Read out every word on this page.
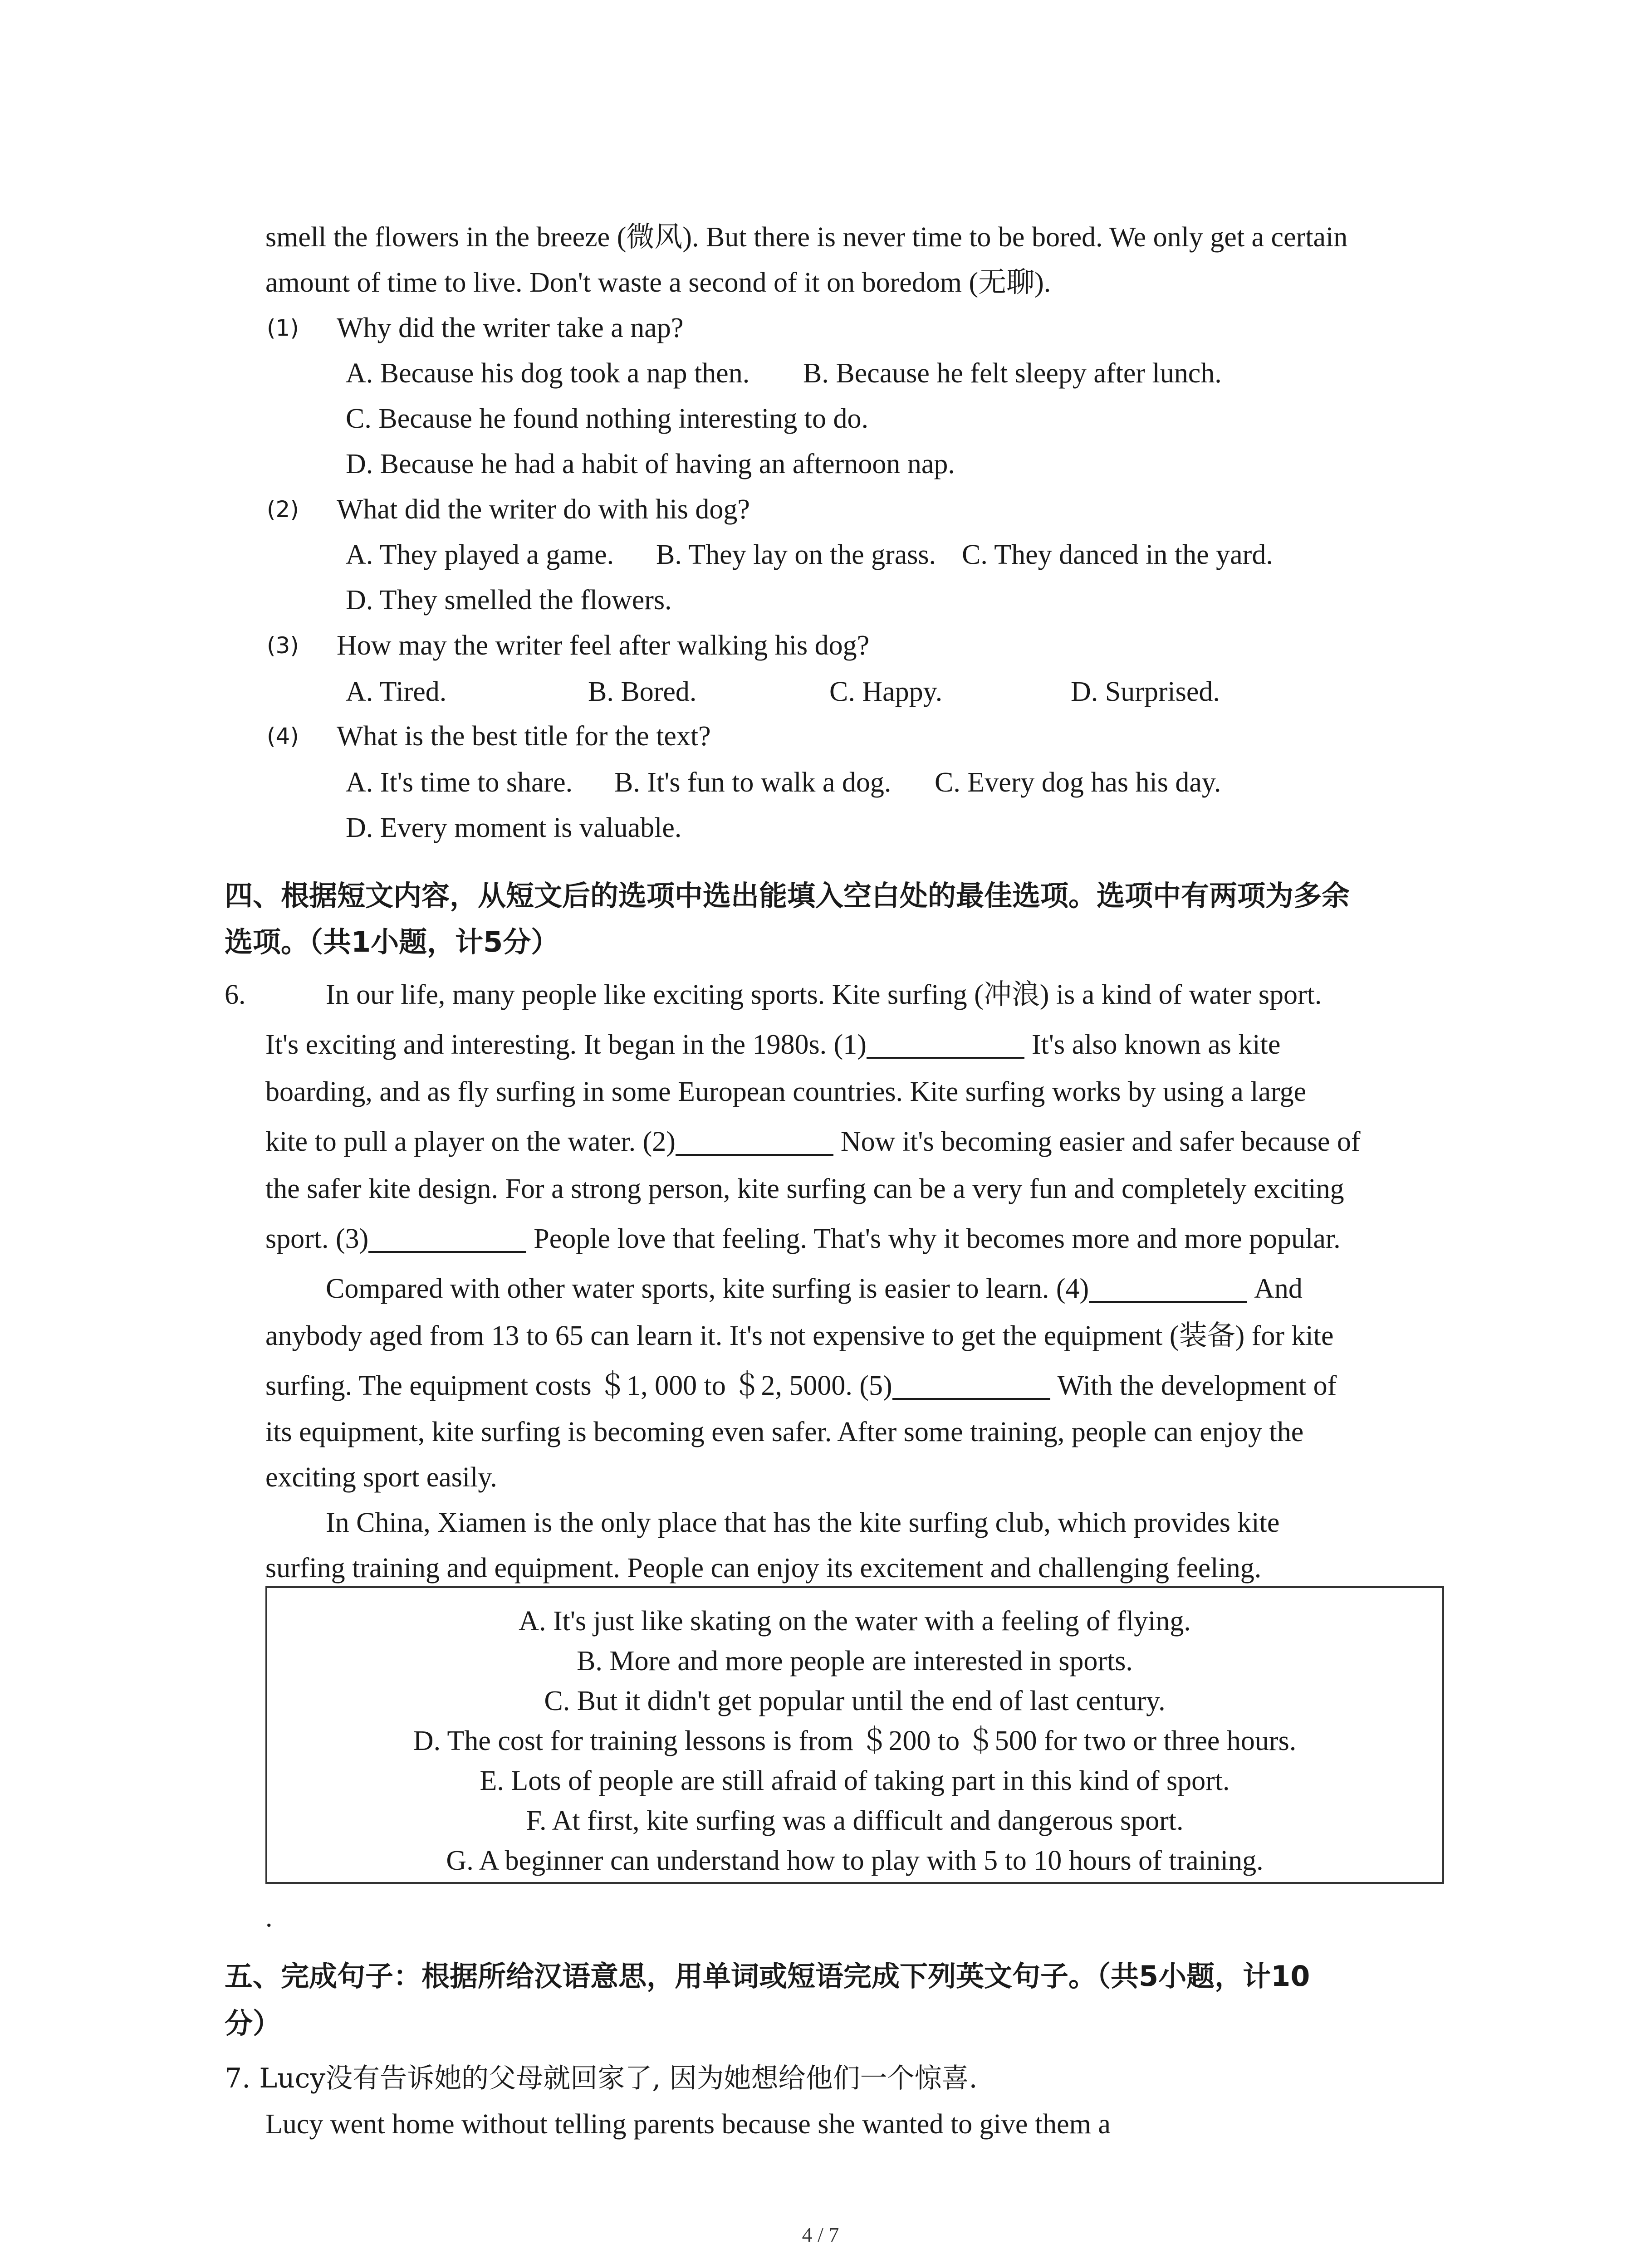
smell the flowers in the breeze (微风). But there is never time to be bored. We only get a certain
amount of time to live. Don't waste a second of it on boredom (无聊).
(1) Why did the writer take a nap?
A. Because his dog took a nap then. B. Because he felt sleepy after lunch.
C. Because he found nothing interesting to do.
D. Because he had a habit of having an afternoon nap.
(2) What did the writer do with his dog?
A. They played a game. B. They lay on the grass. C. They danced in the yard.
D. They smelled the flowers.
(3) How may the writer feel after walking his dog?
A. Tired.	B. Bored.	C. Happy.	D. Surprised.
(4) What is the best title for the text?
A. It's time to share. B. It's fun to walk a dog. C. Every dog has his day.
D. Every moment is valuable.
四、根据短文内容，从短文后的选项中选出能填入空白处的最佳选项。选项中有两项为多余
选项。（共1小题，计5分）
6.	In our life, many people like exciting sports. Kite surfing (冲浪) is a kind of water sport.
It's exciting and interesting. It began in the 1980s. (1)	It's also known as kite
boarding, and as fly surfing in some European countries. Kite surfing works by using a large
kite to pull a player on the water. (2)	Now it's becoming easier and safer because of
the safer kite design. For a strong person, kite surfing can be a very fun and completely exciting
sport. (3)	People love that feeling. That's why it becomes more and more popular.
Compared with other water sports, kite surfing is easier to learn. (4)	And
anybody aged from 13 to 65 can learn it. It's not expensive to get the equipment (装备) for kite
surfing. The equipment costs ＄1, 000 to ＄2, 5000. (5)	With the development of
its equipment, kite surfing is becoming even safer. After some training, people can enjoy the
exciting sport easily.
In China, Xiamen is the only place that has the kite surfing club, which provides kite
surfing training and equipment. People can enjoy its excitement and challenging feeling.
A. It's just like skating on the water with a feeling of flying.
B. More and more people are interested in sports.
C. But it didn't get popular until the end of last century.
D. The cost for training lessons is from ＄200 to ＄500 for two or three hours.
E. Lots of people are still afraid of taking part in this kind of sport.
F. At first, kite surfing was a difficult and dangerous sport.
G. A beginner can understand how to play with 5 to 10 hours of training.
.
五、完成句子：根据所给汉语意思，用单词或短语完成下列英文句子。（共5小题，计10
分）
7. Lucy没有告诉她的父母就回家了, 因为她想给他们一个惊喜.
Lucy went home without telling parents because she wanted to give them a
4 / 7
